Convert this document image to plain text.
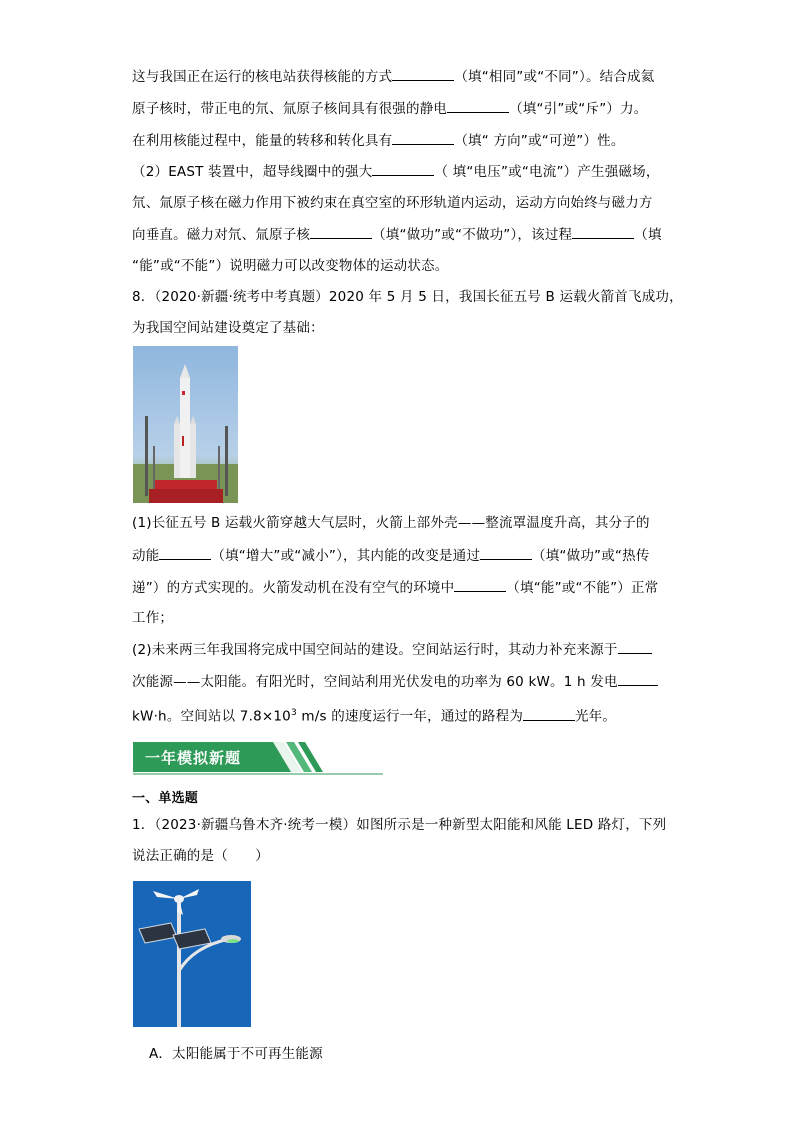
这与我国正在运行的核电站获得核能的方式	（填“相同”或“不同”）。结合成氦
原子核时，带正电的氘、氚原子核间具有很强的静电	（填“引”或“斥”）力。
在利用核能过程中，能量的转移和转化具有	（填“ 方向”或“可逆”）性。
（2）EAST 装置中，超导线圈中的强大	（ 填“电压”或“电流”）产生强磁场，
氘、氚原子核在磁力作用下被约束在真空室的环形轨道内运动，运动方向始终与磁力方
向垂直。磁力对氘、氚原子核	（填“做功”或“不做功”），该过程	（填
“能”或“不能”）说明磁力可以改变物体的运动状态。
8．（2020·新疆·统考中考真题）2020 年 5 月 5 日，我国长征五号 B 运载火箭首飞成功，
为我国空间站建设奠定了基础：
(1)长征五号 B 运载火箭穿越大气层时，火箭上部外壳——整流罩温度升高，其分子的
动能	（填“增大”或“减小”），其内能的改变是通过	（填“做功”或“热传
递”）的方式实现的。火箭发动机在没有空气的环境中	（填“能”或“不能”）正常
工作；
(2)未来两三年我国将完成中国空间站的建设。空间站运行时，其动力补充来源于
次能源——太阳能。有阳光时，空间站利用光伏发电的功率为 60 kW。1 h 发电
kW·h。空间站以 $7.8\times 10^3$ m/s 的速度运行一年，通过的路程为	光年。
一年模拟新题
一、单选题
1．（2023·新疆乌鲁木齐·统考一模）如图所示是一种新型太阳能和风能 LED 路灯，下列
说法正确的是（　　）
A．太阳能属于不可再生能源
